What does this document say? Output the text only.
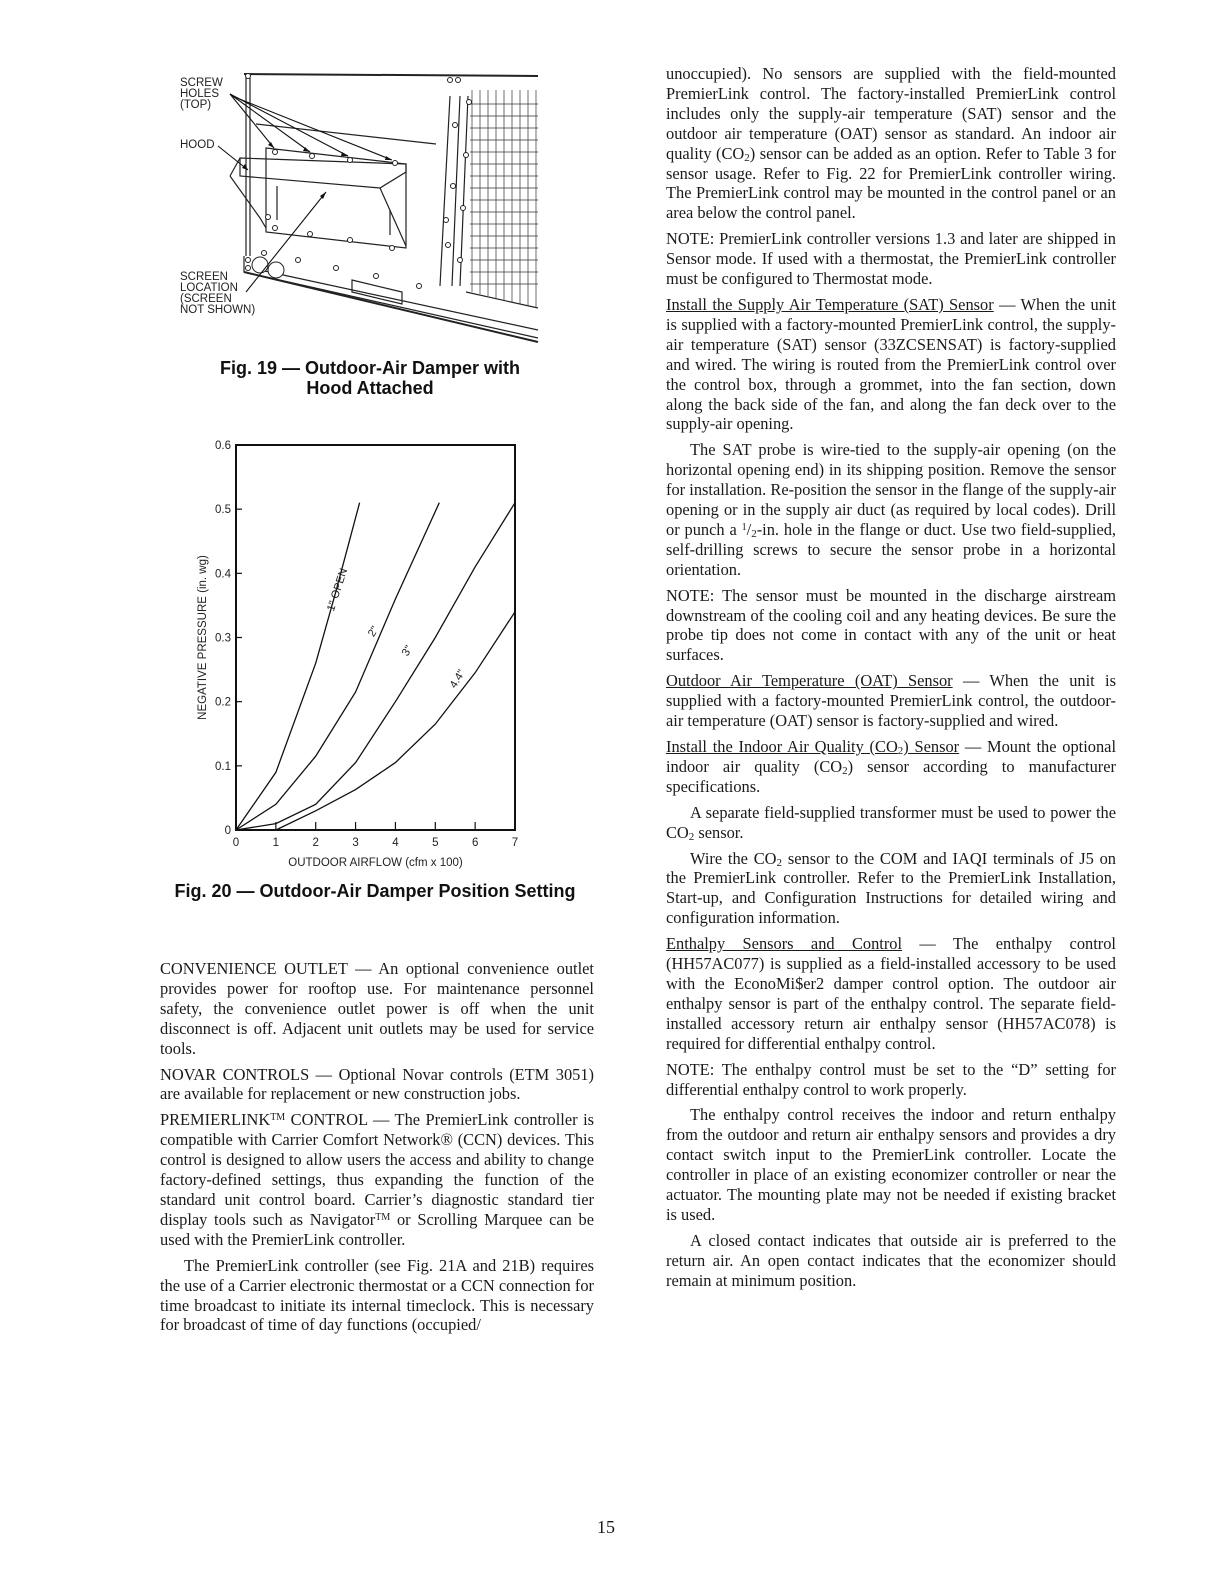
SCREW
HOLES
(TOP)
HOOD
SCREEN
LOCATION
(SCREEN
NOT SHOWN)
Fig. 19 — Outdoor-Air Damper with
Hood Attached
0
0.1
0.2
0.3
0.4
0.5
0.6
0	1	2	3	4	5	6	7
1" OPEN
2"
3"
4.4"
NEGATIVE PRESSURE (in. wg)
OUTDOOR AIRFLOW (cfm x 100)
Fig. 20 — Outdoor-Air Damper Position Setting

CONVENIENCE OUTLET — An optional convenience outlet provides power for rooftop use. For maintenance personnel safety, the convenience outlet power is off when the unit disconnect is off. Adjacent unit outlets may be used for service tools.

NOVAR CONTROLS — Optional Novar controls (ETM 3051) are available for replacement or new construction jobs.

PREMIERLINK™ CONTROL — The PremierLink controller is compatible with Carrier Comfort Network® (CCN) devices. This control is designed to allow users the access and ability to change factory-defined settings, thus expanding the function of the standard unit control board. Carrier’s diagnostic standard tier display tools such as Navigator™ or Scrolling Marquee can be used with the PremierLink controller.

The PremierLink controller (see Fig. 21A and 21B) requires the use of a Carrier electronic thermostat or a CCN connection for time broadcast to initiate its internal timeclock. This is necessary for broadcast of time of day functions (occupied/

unoccupied). No sensors are supplied with the field-mounted PremierLink control. The factory-installed PremierLink control includes only the supply-air temperature (SAT) sensor and the outdoor air temperature (OAT) sensor as standard. An indoor air quality $(CO_2)$ sensor can be added as an option. Refer to Table 3 for sensor usage. Refer to Fig. 22 for PremierLink controller wiring. The PremierLink control may be mounted in the control panel or an area below the control panel.

NOTE: PremierLink controller versions 1.3 and later are shipped in Sensor mode. If used with a thermostat, the PremierLink controller must be configured to Thermostat mode.

Install the Supply Air Temperature (SAT) Sensor — When the unit is supplied with a factory-mounted PremierLink control, the supply-air temperature (SAT) sensor (33ZCSENSAT) is factory-supplied and wired. The wiring is routed from the PremierLink control over the control box, through a grommet, into the fan section, down along the back side of the fan, and along the fan deck over to the supply-air opening.

The SAT probe is wire-tied to the supply-air opening (on the horizontal opening end) in its shipping position. Remove the sensor for installation. Re-position the sensor in the flange of the supply-air opening or in the supply air duct (as required by local codes). Drill or punch a $^1/_2-in$. hole in the flange or duct. Use two field-supplied, self-drilling screws to secure the sensor probe in a horizontal orientation.

NOTE: The sensor must be mounted in the discharge airstream downstream of the cooling coil and any heating devices. Be sure the probe tip does not come in contact with any of the unit or heat surfaces.

Outdoor Air Temperature (OAT) Sensor — When the unit is supplied with a factory-mounted PremierLink control, the outdoor-air temperature (OAT) sensor is factory-supplied and wired.

Install the Indoor Air Quality $(CO_2)$ Sensor — Mount the optional indoor air quality $(CO_2)$ sensor according to manufacturer specifications.

A separate field-supplied transformer must be used to power the $CO_2$ sensor.

Wire the $CO_2$ sensor to the COM and IAQI terminals of J5 on the PremierLink controller. Refer to the PremierLink Installation, Start-up, and Configuration Instructions for detailed wiring and configuration information.

Enthalpy Sensors and Control — The enthalpy control (HH57AC077) is supplied as a field-installed accessory to be used with the EconoMi$er2 damper control option. The outdoor air enthalpy sensor is part of the enthalpy control. The separate field-installed accessory return air enthalpy sensor (HH57AC078) is required for differential enthalpy control.

NOTE: The enthalpy control must be set to the “D” setting for differential enthalpy control to work properly.

The enthalpy control receives the indoor and return enthalpy from the outdoor and return air enthalpy sensors and provides a dry contact switch input to the PremierLink controller. Locate the controller in place of an existing economizer controller or near the actuator. The mounting plate may not be needed if existing bracket is used.

A closed contact indicates that outside air is preferred to the return air. An open contact indicates that the economizer should remain at minimum position.

15
